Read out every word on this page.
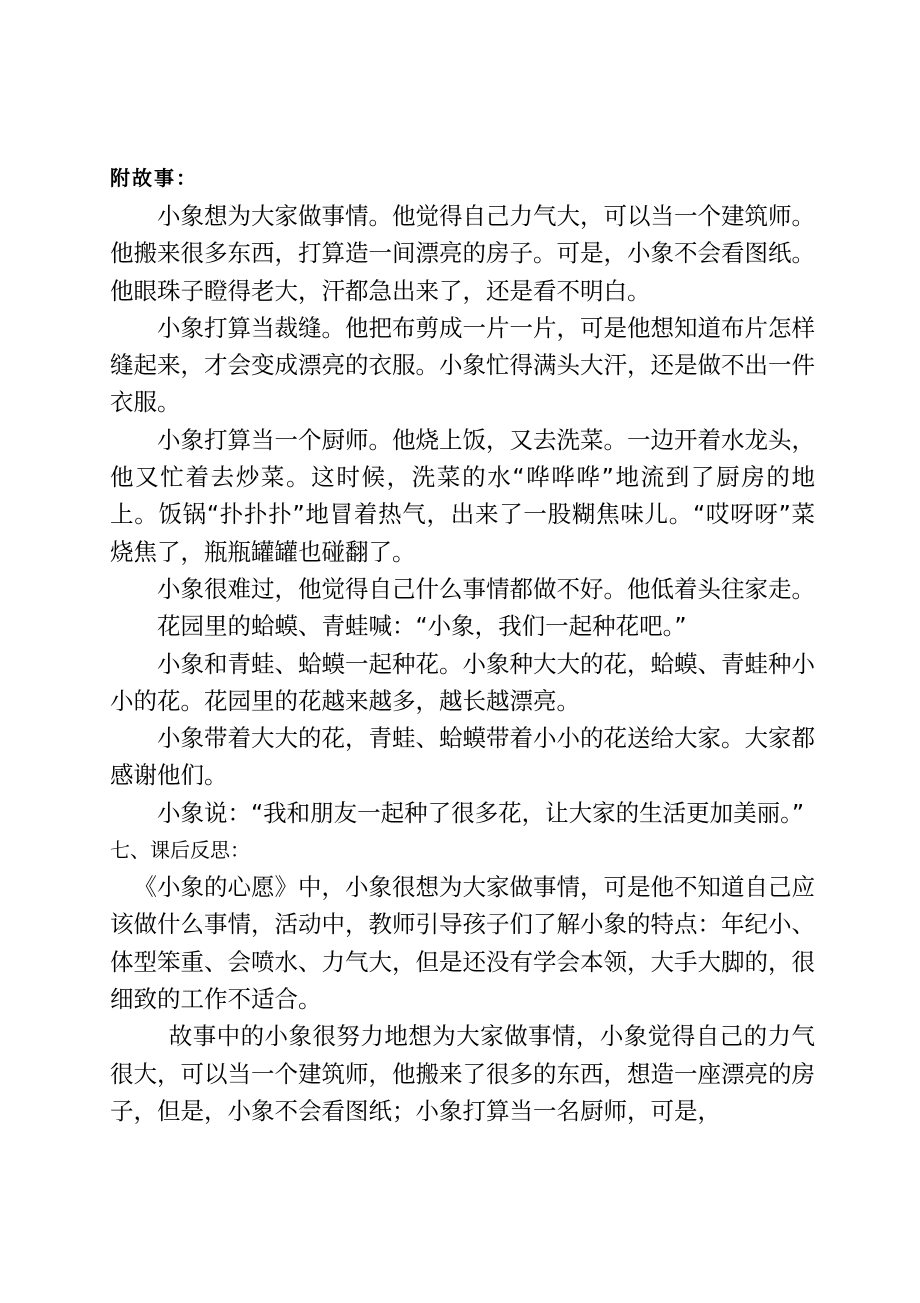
附故事：

小象想为大家做事情。他觉得自己力气大，可以当一个建筑师。他搬来很多东西，打算造一间漂亮的房子。可是，小象不会看图纸。他眼珠子瞪得老大，汗都急出来了，还是看不明白。

小象打算当裁缝。他把布剪成一片一片，可是他想知道布片怎样缝起来，才会变成漂亮的衣服。小象忙得满头大汗，还是做不出一件衣服。

小象打算当一个厨师。他烧上饭，又去洗菜。一边开着水龙头，他又忙着去炒菜。这时候，洗菜的水“哗哗哗”地流到了厨房的地上。饭锅“扑扑扑”地冒着热气，出来了一股糊焦味儿。“哎呀呀”菜烧焦了，瓶瓶罐罐也碰翻了。

小象很难过，他觉得自己什么事情都做不好。他低着头往家走。

花园里的蛤蟆、青蛙喊：“小象，我们一起种花吧。”

小象和青蛙、蛤蟆一起种花。小象种大大的花，蛤蟆、青蛙种小小的花。花园里的花越来越多，越长越漂亮。

小象带着大大的花，青蛙、蛤蟆带着小小的花送给大家。大家都感谢他们。

小象说：“我和朋友一起种了很多花，让大家的生活更加美丽。”

七、课后反思：

《小象的心愿》中，小象很想为大家做事情，可是他不知道自己应该做什么事情，活动中，教师引导孩子们了解小象的特点：年纪小、体型笨重、会喷水、力气大，但是还没有学会本领，大手大脚的，很细致的工作不适合。

故事中的小象很努力地想为大家做事情，小象觉得自己的力气很大，可以当一个建筑师，他搬来了很多的东西，想造一座漂亮的房子，但是，小象不会看图纸；小象打算当一名厨师，可是，
